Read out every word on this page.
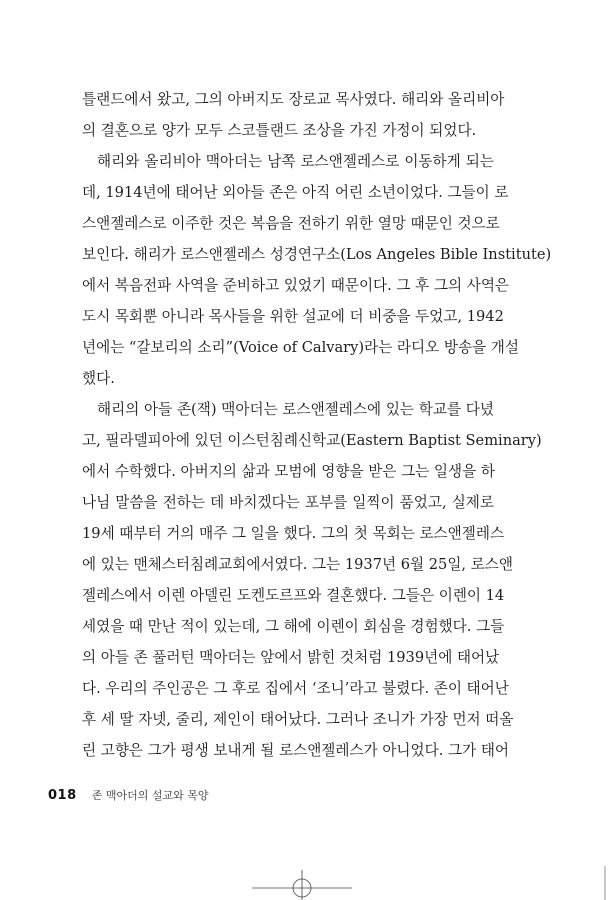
틀랜드에서 왔고, 그의 아버지도 장로교 목사였다. 해리와 올리비아
의 결혼으로 양가 모두 스코틀랜드 조상을 가진 가정이 되었다.
해리와 올리비아 맥아더는 남쪽 로스앤젤레스로 이동하게 되는
데, 1914년에 태어난 외아들 존은 아직 어린 소년이었다. 그들이 로
스앤젤레스로 이주한 것은 복음을 전하기 위한 열망 때문인 것으로
보인다. 해리가 로스앤젤레스 성경연구소(Los Angeles Bible Institute)
에서 복음전파 사역을 준비하고 있었기 때문이다. 그 후 그의 사역은
도시 목회뿐 아니라 목사들을 위한 설교에 더 비중을 두었고, 1942
년에는 “갈보리의 소리”(Voice of Calvary)라는 라디오 방송을 개설
했다.
해리의 아들 존(잭) 맥아더는 로스앤젤레스에 있는 학교를 다녔
고, 필라델피아에 있던 이스턴침례신학교(Eastern Baptist Seminary)
에서 수학했다. 아버지의 삶과 모범에 영향을 받은 그는 일생을 하
나님 말씀을 전하는 데 바치겠다는 포부를 일찍이 품었고, 실제로
19세 때부터 거의 매주 그 일을 했다. 그의 첫 목회는 로스앤젤레스
에 있는 맨체스터침례교회에서였다. 그는 1937년 6월 25일, 로스앤
젤레스에서 이렌 아델린 도켄도르프와 결혼했다. 그들은 이렌이 14
세였을 때 만난 적이 있는데, 그 해에 이렌이 회심을 경험했다. 그들
의 아들 존 풀러턴 맥아더는 앞에서 밝힌 것처럼 1939년에 태어났
다. 우리의 주인공은 그 후로 집에서 ‘조니’라고 불렸다. 존이 태어난
후 세 딸 자넷, 줄리, 제인이 태어났다. 그러나 조니가 가장 먼저 떠올
린 고향은 그가 평생 보내게 될 로스앤젤레스가 아니었다. 그가 태어
018 존 맥아더의 설교와 목양
